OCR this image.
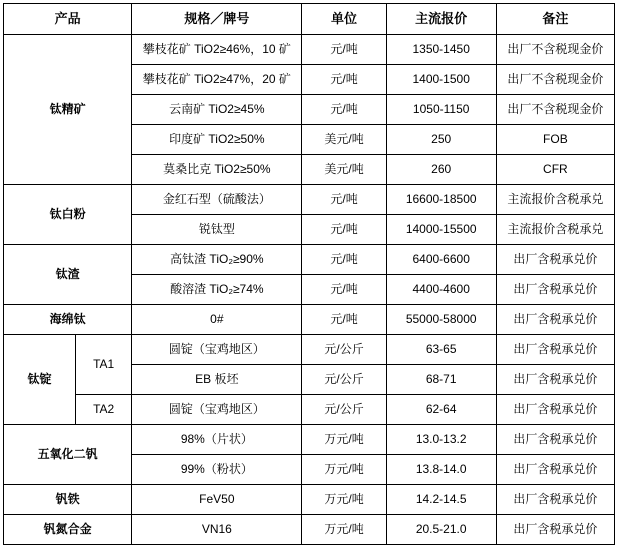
产品		规格／牌号	单位	主流报价	备注
钛精矿		攀枝花矿 TiO2≥46%，10 矿	元/吨	1350-1450	出厂不含税现金价
		攀枝花矿 TiO2≥47%，20 矿	元/吨	1400-1500	出厂不含税现金价
		云南矿 TiO2≥45%	元/吨	1050-1150	出厂不含税现金价
		印度矿 TiO2≥50%	美元/吨	250	FOB
		莫桑比克 TiO2≥50%	美元/吨	260	CFR
钛白粉		金红石型（硫酸法）	元/吨	16600-18500	主流报价含税承兑
		锐钛型	元/吨	14000-15500	主流报价含税承兑
钛渣		高钛渣 TiO₂≥90%	元/吨	6400-6600	出厂含税承兑价
		酸溶渣 TiO₂≥74%	元/吨	4400-4600	出厂含税承兑价
海绵钛		0#	元/吨	55000-58000	出厂含税承兑价
钛锭	TA1	圆锭（宝鸡地区）	元/公斤	63-65	出厂含税承兑价
		EB 板坯	元/公斤	68-71	出厂含税承兑价
	TA2	圆锭（宝鸡地区）	元/公斤	62-64	出厂含税承兑价
五氧化二钒		98%（片状）	万元/吨	13.0-13.2	出厂含税承兑价
		99%（粉状）	万元/吨	13.8-14.0	出厂含税承兑价
钒铁		FeV50	万元/吨	14.2-14.5	出厂含税承兑价
钒氮合金		VN16	万元/吨	20.5-21.0	出厂含税承兑价
